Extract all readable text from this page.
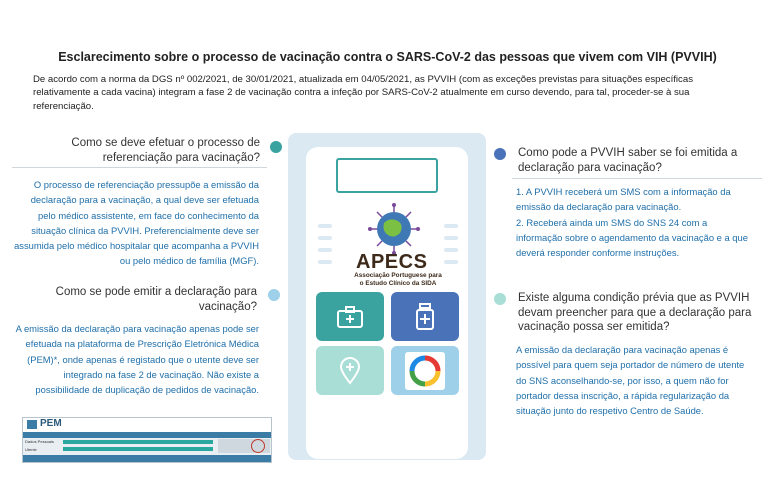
Esclarecimento sobre o processo de vacinação contra o SARS-CoV-2 das pessoas que vivem com VIH (PVVIH)
De acordo com a norma da DGS nº 002/2021, de 30/01/2021, atualizada em 04/05/2021, as PVVIH (com as exceções previstas para situações específicas relativamente a cada vacina) integram a fase 2 de vacinação contra a infeção por SARS-CoV-2 atualmente em curso devendo, para tal, proceder-se à sua referenciação.
Como se deve efetuar o processo de referenciação para vacinação?
O processo de referenciação pressupõe a emissão da declaração para a vacinação, a qual deve ser efetuada pelo médico assistente, em face do conhecimento da situação clínica da PVVIH. Preferencialmente deve ser assumida pelo médico hospitalar que acompanha a PVVIH ou pelo médico de família (MGF).
Como se pode emitir a declaração para vacinação?
A emissão da declaração para vacinação apenas pode ser efetuada na plataforma de Prescrição Eletrónica Médica (PEM)*, onde apenas é registado que o utente deve ser integrado na fase 2 de vacinação. Não existe a possibilidade de duplicação de pedidos de vacinação.
PEM
Dados Pessoais
Utente
APECS
Associação Portuguese para
o Estudo Clínico da SIDA
Como pode a PVVIH saber se foi emitida a declaração para vacinação?
1. A PVVIH receberá um SMS com a informação da emissão da declaração para vacinação.
2. Receberá ainda um SMS do SNS 24 com a informação sobre o agendamento da vacinação e a que deverá responder conforme instruções.
Existe alguma condição prévia que as PVVIH devam preencher para que a declaração para vacinação possa ser emitida?
A emissão da declaração para vacinação apenas é possível para quem seja portador de número de utente do SNS aconselhando-se, por isso, a quem não for portador dessa inscrição, a rápida regularização da situação junto do respetivo Centro de Saúde.
